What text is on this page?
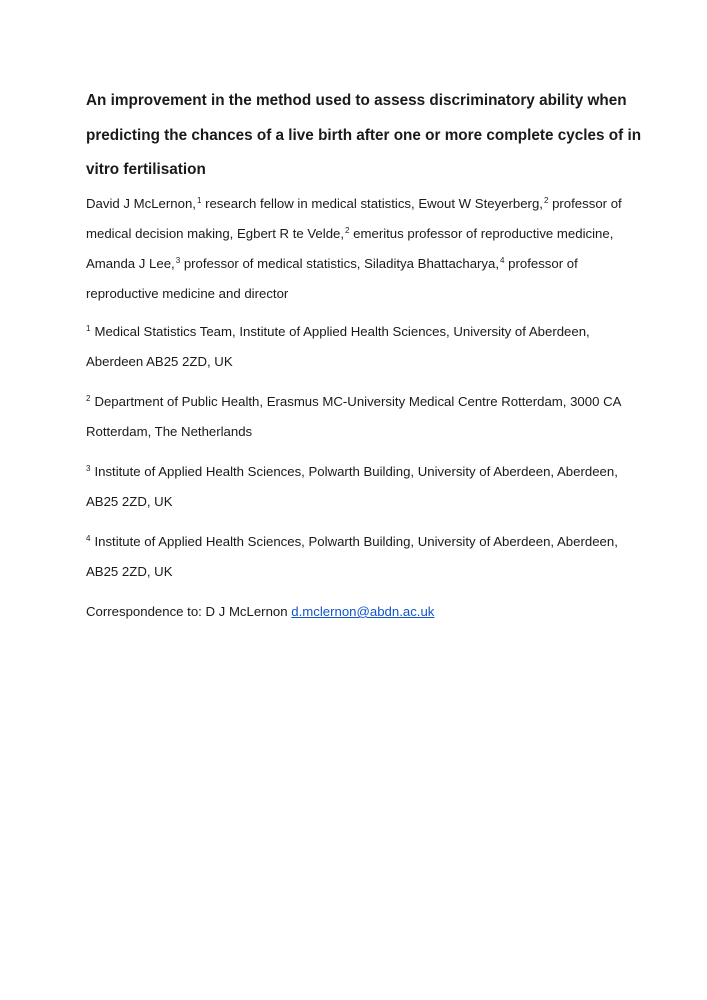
An improvement in the method used to assess discriminatory ability when
predicting the chances of a live birth after one or more complete cycles of in
vitro fertilisation
David J McLernon,$^1$ research fellow in medical statistics, Ewout W Steyerberg,$^2$ professor of
medical decision making, Egbert R te Velde,$^2$ emeritus professor of reproductive medicine,
Amanda J Lee,$^3$ professor of medical statistics, Siladitya Bhattacharya,$^4$ professor of
reproductive medicine and director
$^1$ Medical Statistics Team, Institute of Applied Health Sciences, University of Aberdeen,
Aberdeen AB25 2ZD, UK
$^2$ Department of Public Health, Erasmus MC-University Medical Centre Rotterdam, 3000 CA
Rotterdam, The Netherlands
$^3$ Institute of Applied Health Sciences, Polwarth Building, University of Aberdeen, Aberdeen,
AB25 2ZD, UK
$^4$ Institute of Applied Health Sciences, Polwarth Building, University of Aberdeen, Aberdeen,
AB25 2ZD, UK
Correspondence to: D J McLernon d.mclernon@abdn.ac.uk
